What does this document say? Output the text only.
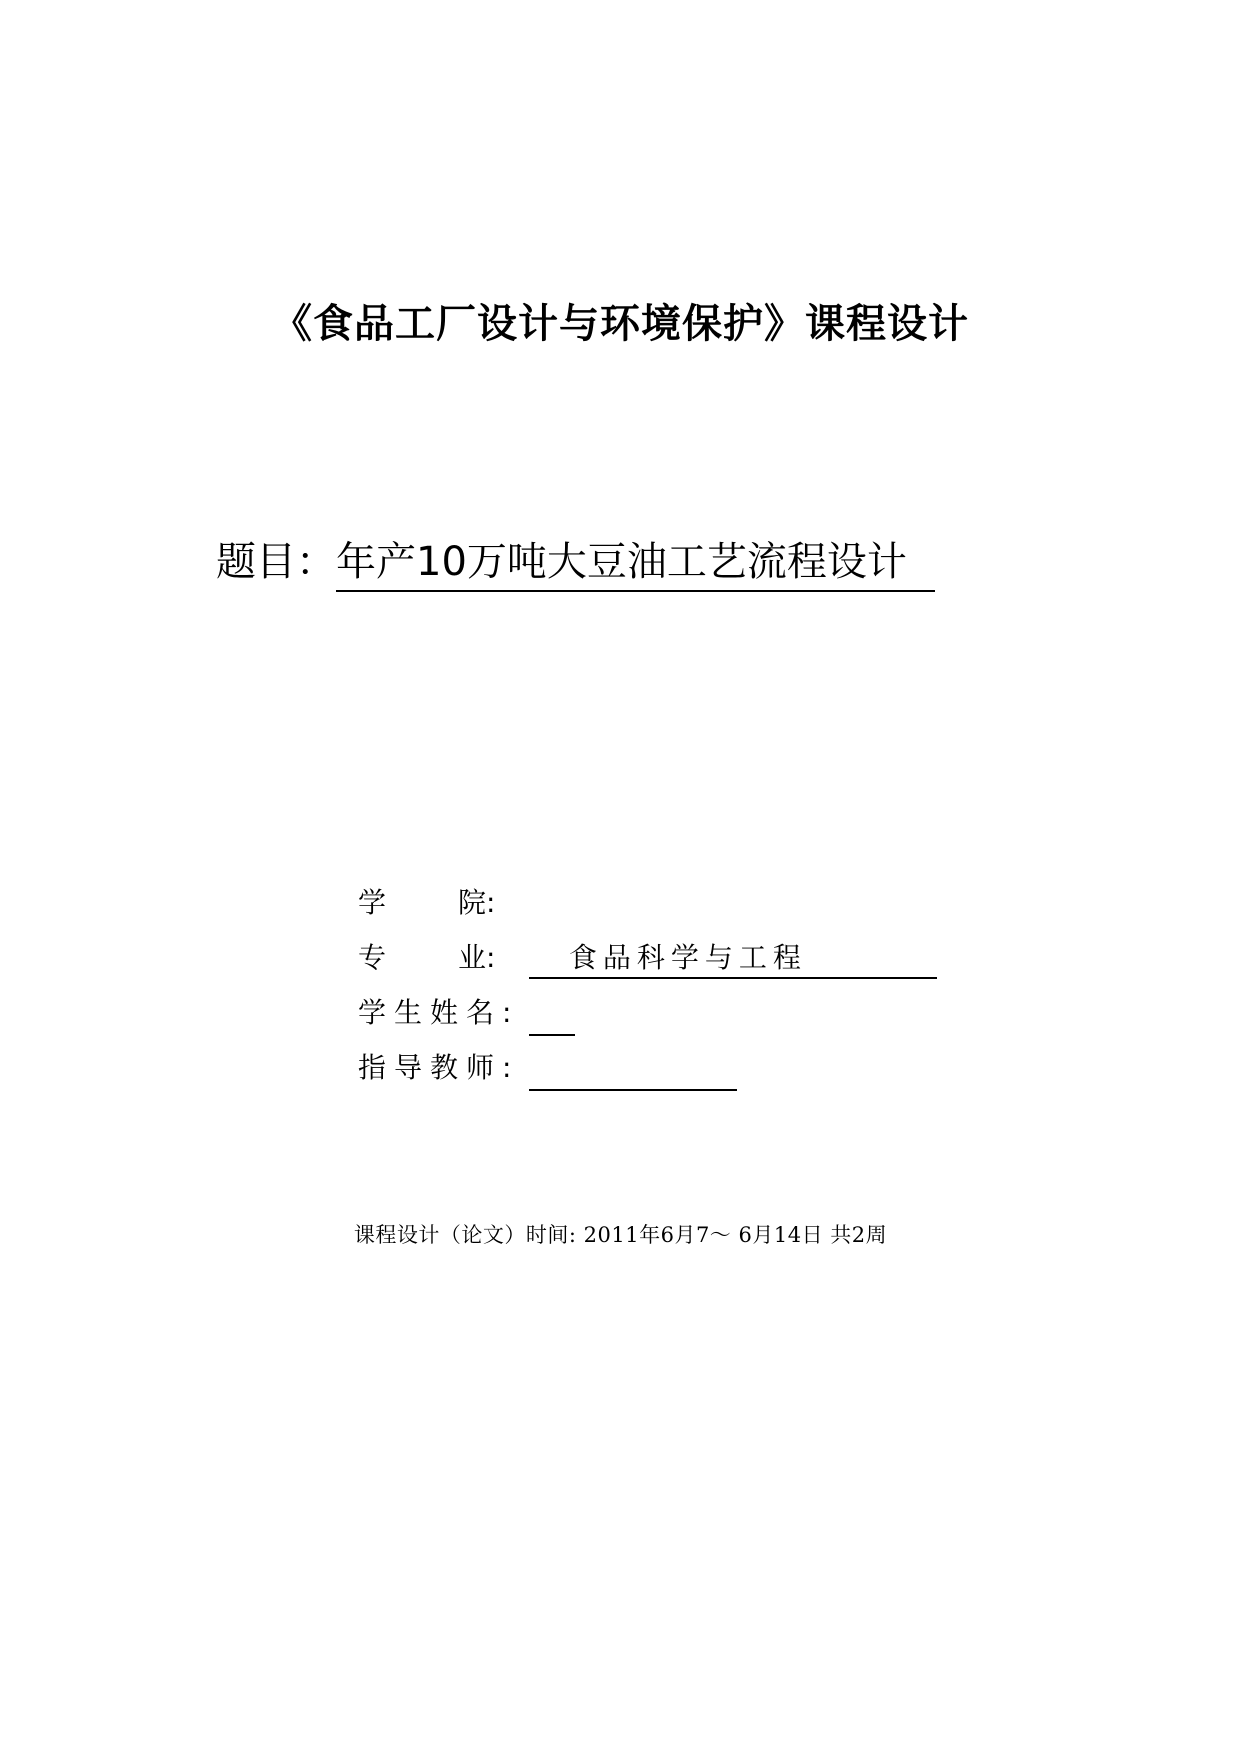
《食品工厂设计与环境保护》课程设计
题目：年产10万吨大豆油工艺流程设计
学	院:
专	业:	食品科学与工程
学生姓名:
指导教师:
课程设计（论文）时间: 2011年6月7～ 6月14日 共2周
